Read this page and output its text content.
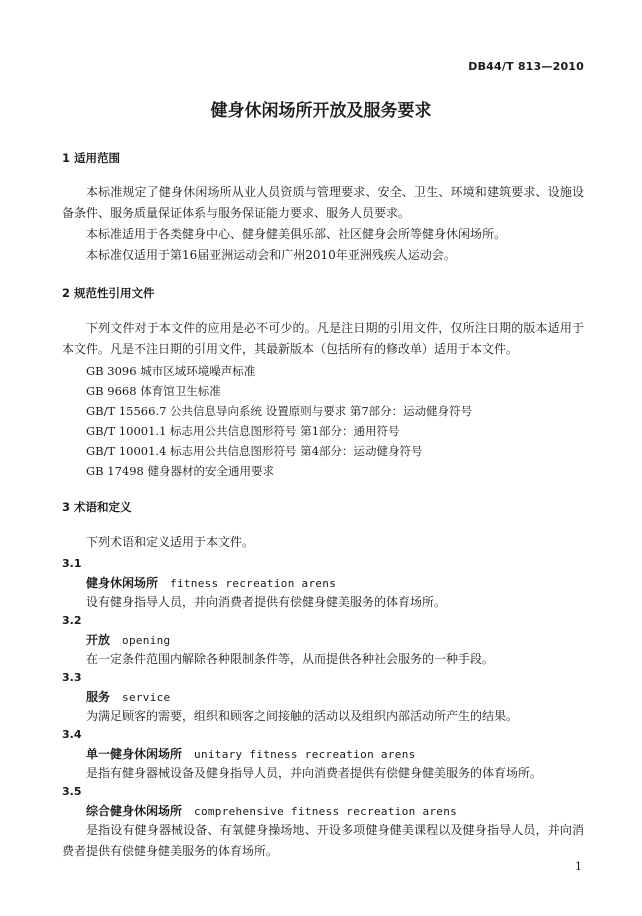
DB44/T 813—2010
健身休闲场所开放及服务要求
1 适用范围
本标准规定了健身休闲场所从业人员资质与管理要求、安全、卫生、环境和建筑要求、设施设备条件、服务质量保证体系与服务保证能力要求、服务人员要求。
本标准适用于各类健身中心、健身健美俱乐部、社区健身会所等健身休闲场所。
本标准仅适用于第16届亚洲运动会和广州2010年亚洲残疾人运动会。
2 规范性引用文件
下列文件对于本文件的应用是必不可少的。凡是注日期的引用文件，仅所注日期的版本适用于本文件。凡是不注日期的引用文件，其最新版本（包括所有的修改单）适用于本文件。
GB 3096 城市区域环境噪声标准
GB 9668 体育馆卫生标准
GB/T 15566.7 公共信息导向系统 设置原则与要求 第7部分：运动健身符号
GB/T 10001.1 标志用公共信息图形符号 第1部分：通用符号
GB/T 10001.4 标志用公共信息图形符号 第4部分：运动健身符号
GB 17498 健身器材的安全通用要求
3 术语和定义
下列术语和定义适用于本文件。
3.1
健身休闲场所 fitness recreation arens
设有健身指导人员，并向消费者提供有偿健身健美服务的体育场所。
3.2
开放 opening
在一定条件范围内解除各种限制条件等，从而提供各种社会服务的一种手段。
3.3
服务 service
为满足顾客的需要，组织和顾客之间接触的活动以及组织内部活动所产生的结果。
3.4
单一健身休闲场所 unitary fitness recreation arens
是指有健身器械设备及健身指导人员，并向消费者提供有偿健身健美服务的体育场所。
3.5
综合健身休闲场所 comprehensive fitness recreation arens
是指设有健身器械设备、有氧健身操场地、开设多项健身健美课程以及健身指导人员，并向消费者提供有偿健身健美服务的体育场所。
1
